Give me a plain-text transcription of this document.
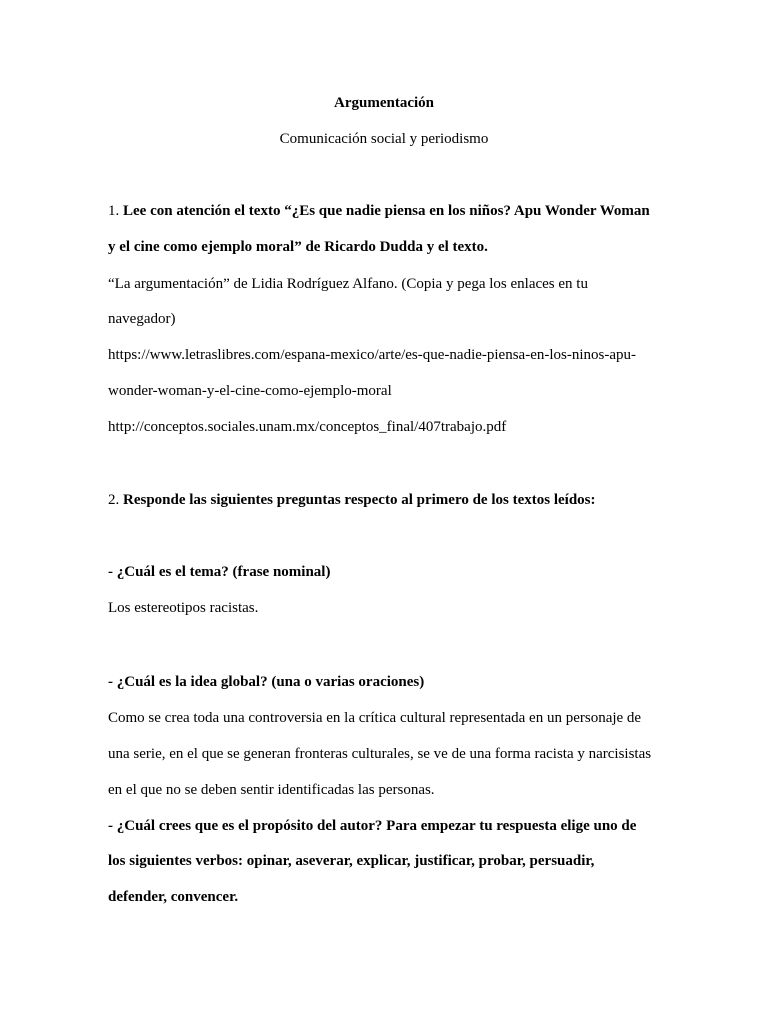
Argumentación
Comunicación social y periodismo
1. Lee con atención el texto “¿Es que nadie piensa en los niños? Apu Wonder Woman
y el cine como ejemplo moral” de Ricardo Dudda y el texto.
“La argumentación” de Lidia Rodríguez Alfano. (Copia y pega los enlaces en tu
navegador)
https://www.letraslibres.com/espana-mexico/arte/es-que-nadie-piensa-en-los-ninos-apu-
wonder-woman-y-el-cine-como-ejemplo-moral
http://conceptos.sociales.unam.mx/conceptos_final/407trabajo.pdf
2. Responde las siguientes preguntas respecto al primero de los textos leídos:
- ¿Cuál es el tema? (frase nominal)
Los estereotipos racistas.
- ¿Cuál es la idea global? (una o varias oraciones)
Como se crea toda una controversia en la crítica cultural representada en un personaje de
una serie, en el que se generan fronteras culturales, se ve de una forma racista y narcisistas
en el que no se deben sentir identificadas las personas.
- ¿Cuál crees que es el propósito del autor? Para empezar tu respuesta elige uno de
los siguientes verbos: opinar, aseverar, explicar, justificar, probar, persuadir,
defender, convencer.
